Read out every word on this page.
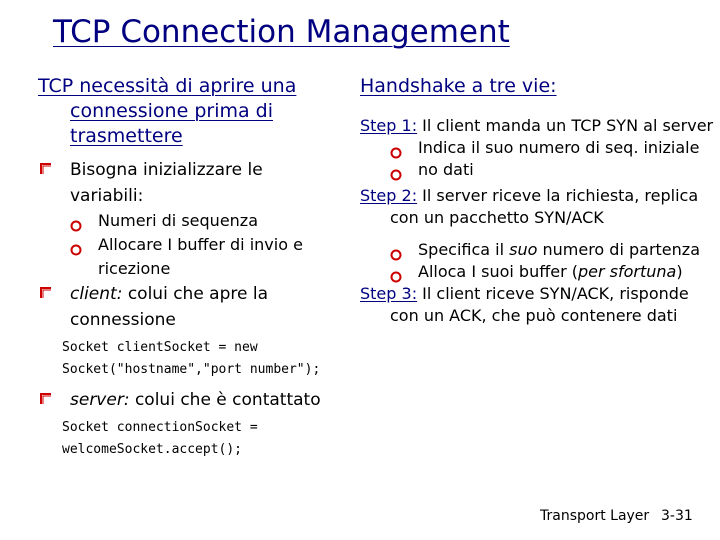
TCP Connection Management
TCP necessità di aprire una connessione prima di trasmettere
Bisogna inizializzare le variabili:
Numeri di sequenza
Allocare I buffer di invio e ricezione
client: colui che apre la connessione
Socket clientSocket = new Socket("hostname","port number");
server: colui che è contattato
Socket connectionSocket = welcomeSocket.accept();
Handshake a tre vie:
Step 1: Il client manda un TCP SYN al server
Indica il suo numero di seq. iniziale
no dati
Step 2: Il server riceve la richiesta, replica con un pacchetto SYN/ACK
Specifica il suo numero di partenza
Alloca I suoi buffer (per sfortuna)
Step 3: Il client riceve SYN/ACK, risponde con un ACK, che può contenere dati
Transport Layer 3-31
